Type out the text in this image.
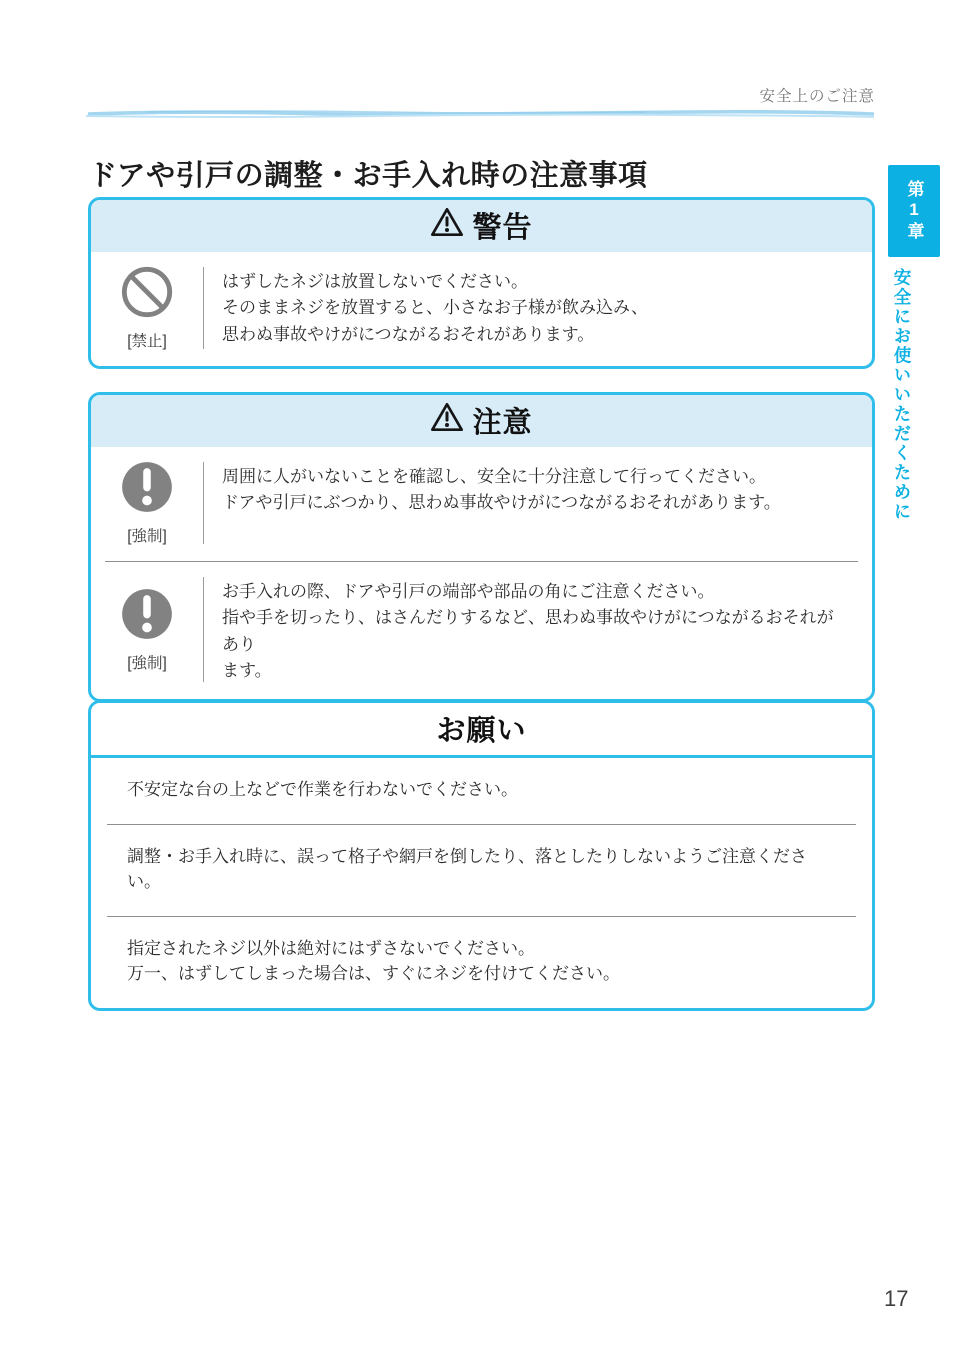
安全上のご注意
ドアや引戸の調整・お手入れ時の注意事項
警告
[禁止]
はずしたネジは放置しないでください。
そのままネジを放置すると、小さなお子様が飲み込み、
思わぬ事故やけがにつながるおそれがあります。
注意
[強制]
周囲に人がいないことを確認し、安全に十分注意して行ってください。
ドアや引戸にぶつかり、思わぬ事故やけがにつながるおそれがあります。
[強制]
お手入れの際、ドアや引戸の端部や部品の角にご注意ください。
指や手を切ったり、はさんだりするなど、思わぬ事故やけがにつながるおそれがあり
ます。
お願い
不安定な台の上などで作業を行わないでください。
調整・お手入れ時に、誤って格子や網戸を倒したり、落としたりしないようご注意ください。
指定されたネジ以外は絶対にはずさないでください。
万一、はずしてしまった場合は、すぐにネジを付けてください。
第1章
安全にお使いいただくために
17
